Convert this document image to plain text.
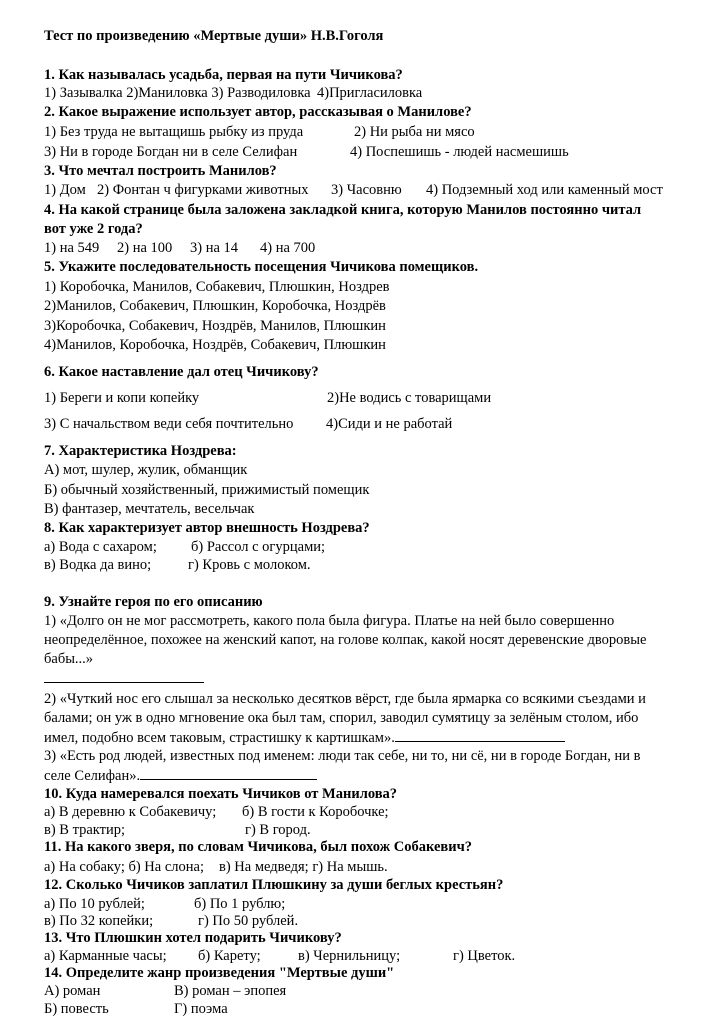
Тест по произведению «Мертвые души» Н.В.Гоголя
1. Как называлась усадьба, первая на пути Чичикова?
1) Зазывалка 2)Маниловка 3) Разводиловка 4)Пригласиловка
2. Какое выражение использует автор, рассказывая о Манилове?
1) Без труда не вытащишь рыбку из пруда	2) Ни рыба ни мясо
3) Ни в городе Богдан ни в селе Селифан	4) Поспешишь - людей насмешишь
3. Что мечтал построить Манилов?
1) Дом 2) Фонтан ч фигурками животных 3) Часовню 4) Подземный ход или каменный мост
4. На какой странице была заложена закладкой книга, которую Манилов постоянно читал
вот уже 2 года?
1) на 549 2) на 100 3) на 14 4) на 700
5. Укажите последовательность посещения Чичикова помещиков.
1) Коробочка, Манилов, Собакевич, Плюшкин, Ноздрев
2)Манилов, Собакевич, Плюшкин, Коробочка, Ноздрёв
3)Коробочка, Собакевич, Ноздрёв, Манилов, Плюшкин
4)Манилов, Коробочка, Ноздрёв, Собакевич, Плюшкин
6. Какое наставление дал отец Чичикову?
1) Береги и копи копейку	2)Не водись с товарищами
3) С начальством веди себя почтительно 4)Сиди и не работай
7. Характеристика Ноздрева:
А) мот, шулер, жулик, обманщик
Б) обычный хозяйственный, прижимистый помещик
В) фантазер, мечтатель, весельчак
8. Как характеризует автор внешность Ноздрева?
а) Вода с сахаром; б) Рассол с огурцами;
в) Водка да вино;	г) Кровь с молоком.
9. Узнайте героя по его описанию
1) «Долго он не мог рассмотреть, какого пола была фигура. Платье на ней было совершенно
неопределённое, похожее на женский капот, на голове колпак, какой носят деревенские дворовые
бабы...»
2) «Чуткий нос его слышал за несколько десятков вёрст, где была ярмарка со всякими съездами и
балами; он уж в одно мгновение ока был там, спорил, заводил сумятицу за зелёным столом, ибо
имел, подобно всем таковым, страстишку к картишкам».
3) «Есть род людей, известных под именем: люди так себе, ни то, ни сё, ни в городе Богдан, ни в
селе Селифан».
10. Куда намеревался поехать Чичиков от Манилова?
а) В деревню к Собакевичу; б) В гости к Коробочке;
в) В трактир;	г) В город.
11. На какого зверя, по словам Чичикова, был похож Собакевич?
а) На собаку; б) На слона; в) На медведя; г) На мышь.
12. Сколько Чичиков заплатил Плюшкину за души беглых крестьян?
а) По 10 рублей;	б) По 1 рублю;
в) По 32 копейки;	г) По 50 рублей.
13. Что Плюшкин хотел подарить Чичикову?
а) Карманные часы; б) Карету;	в) Чернильницу;	г) Цветок.
14. Определите жанр произведения "Мертвые души"
А) роман	В) роман – эпопея
Б) повесть	Г) поэма
